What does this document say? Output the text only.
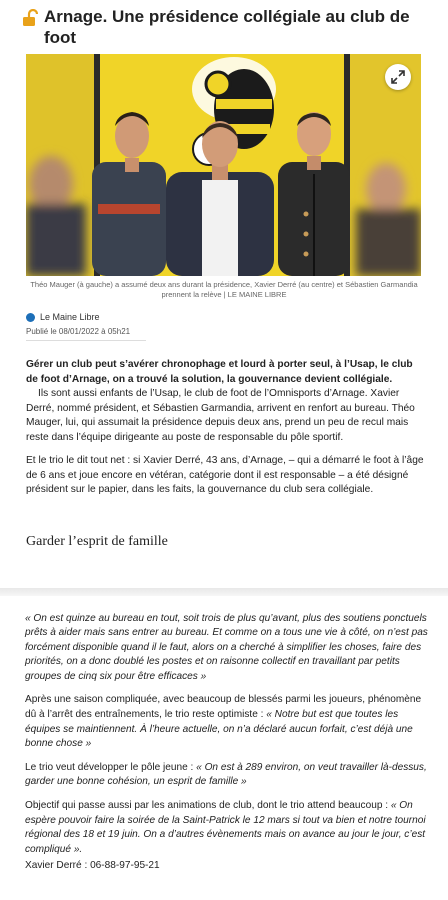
Arnage. Une présidence collégiale au club de foot
Théo Mauger (à gauche) a assumé deux ans durant la présidence, Xavier Derré (au centre) et Sébastien Garmandia prennent la relève | LE MAINE LIBRE
Le Maine Libre
Publié le 08/01/2022 à 05h21

Gérer un club peut s’avérer chronophage et lourd à porter seul, à l’Usap, le club de foot d’Arnage, on a trouvé la solution, la gouvernance devient collégiale.

Ils sont aussi enfants de l’Usap, le club de foot de l’Omnisports d’Arnage. Xavier Derré, nommé président, et Sébastien Garmandia, arrivent en renfort au bureau. Théo Mauger, lui, qui assumait la présidence depuis deux ans, prend un peu de recul mais reste dans l’équipe dirigeante au poste de responsable du pôle sportif.

Et le trio le dit tout net : si Xavier Derré, 43 ans, d’Arnage, – qui a démarré le foot à l’âge de 6 ans et joue encore en vétéran, catégorie dont il est responsable – a été désigné président sur le papier, dans les faits, la gouvernance du club sera collégiale.

Garder l’esprit de famille

« On est quinze au bureau en tout, soit trois de plus qu’avant, plus des soutiens ponctuels prêts à aider mais sans entrer au bureau. Et comme on a tous une vie à côté, on n’est pas forcément disponible quand il le faut, alors on a cherché à simplifier les choses, faire des priorités, on a donc doublé les postes et on raisonne collectif en travaillant par petits groupes de cinq six pour être efficaces »

Après une saison compliquée, avec beaucoup de blessés parmi les joueurs, phénomène dû à l’arrêt des entraînements, le trio reste optimiste : « Notre but est que toutes les équipes se maintiennent. À l’heure actuelle, on n’a déclaré aucun forfait, c’est déjà une bonne chose »

Le trio veut développer le pôle jeune : « On est à 289 environ, on veut travailler là-dessus, garder une bonne cohésion, un esprit de famille »

Objectif qui passe aussi par les animations de club, dont le trio attend beaucoup : « On espère pouvoir faire la soirée de la Saint-Patrick le 12 mars si tout va bien et notre tournoi régional des 18 et 19 juin. On a d’autres évènements mais on avance au jour le jour, c’est compliqué ».

Xavier Derré : 06-88-97-95-21
